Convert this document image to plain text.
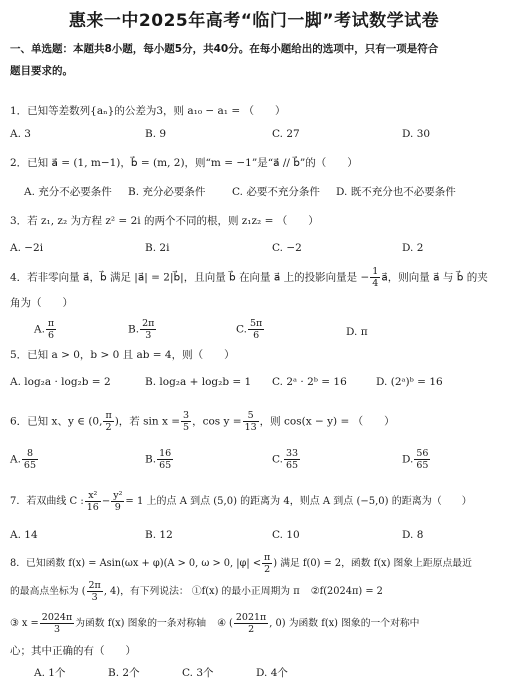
惠来一中2025年高考“临门一脚”考试数学试卷
一、单选题：本题共8小题，每小题5分，共40分。在每小题给出的选项中，只有一项是符合
题目要求的。
1．已知等差数列{aₙ}的公差为3，则 a₁₀ − a₁ = （　　）
A. 3	B. 9	C. 27	D. 30
2．已知 a⃗ = (1, m−1)，b⃗ = (m, 2)，则“m = −1”是“a⃗ // b⃗”的（　　）
A. 充分不必要条件 B. 充分必要条件	C. 必要不充分条件 D. 既不充分也不必要条件
3．若 z₁, z₂ 为方程 z² = 2i 的两个不同的根，则 z₁z₂ = （　　）
A. −2i	B. 2i	C. −2	D. 2
4．若非零向量 a⃗，b⃗ 满足 |a⃗| = 2|b⃗|，且向量 b⃗ 在向量 a⃗ 上的投影向量是 − $\frac{1}{4}$ a⃗，则向量 a⃗ 与 b⃗ 的夹
角为（　　）
A. $\frac{\pi}{6}$	B. $\frac{2\pi}{3}$	C. $\frac{5\pi}{6}$	D. π
5．已知 a > 0，b > 0 且 ab = 4，则（　　）
A. log₂a · log₂b = 2	B. log₂a + log₂b = 1 C. 2ᵃ · 2ᵇ = 16	D. (2ᵃ)ᵇ = 16
6．已知 x、y ∈ (0, $\frac{\pi}{2}$ )，若 $\sin x = \frac{3}{5}$ ，$\cos y = \frac{5}{13}$ ，则 cos(x − y) = （　　）
A. $\frac{8}{65}$	B. $\frac{16}{65}$	C. $\frac{33}{65}$	D. $\frac{56}{65}$
7．若双曲线 C : $\frac{\text{x²}}{16} - \frac{\text{y²}}{9} = 1$ 上的点 A 到点 (5,0) 的距离为 4，则点 A 到点 (−5,0) 的距离为（　　）
A. 14	B. 12	C. 10	D. 8
8．已知函数 f(x) = Asin(ωx + φ)(A > 0, ω > 0, $|\varphi| < \frac{\pi}{2}$ ) 满足 f(0) = 2，函数 f(x) 图象上距原点最近
的最高点坐标为 ( $\frac{2\pi}{3}$ , 4)，有下列说法： ①f(x) 的最小正周期为 π ②f(2024π) = 2
③ $x = \frac{2024\pi}{3}$ 为函数 f(x) 图象的一条对称轴 ④ ( $\frac{2021\pi}{2}$ , 0) 为函数 f(x) 图象的一个对称中
心；其中正确的有（　　）
A. 1个	B. 2个	C. 3个	D. 4个
